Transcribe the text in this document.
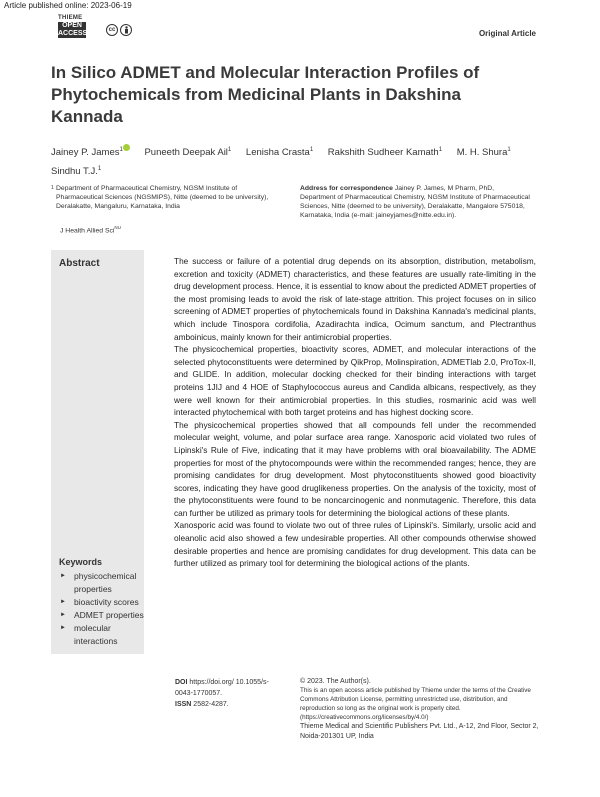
Article published online: 2023-06-19
THIEME
OPEN
ACCESS	cc	Original Article
In Silico ADMET and Molecular Interaction Profiles of Phytochemicals from Medicinal Plants in Dakshina Kannada
Jainey P. James$^1$ Puneeth Deepak Ail$^1$ Lenisha Crasta$^1$ Rakshith Sudheer Kamath$^1$ M. H. Shura$^1$
Sindhu T.J.$^1$
1 Department of Pharmaceutical Chemistry, NGSM Institute of Pharmaceutical Sciences (NGSMIPS), Nitte (deemed to be university), Deralakatte, Mangaluru, Karnataka, India
J Health Allied Sci$^{NU}$
Address for correspondence Jainey P. James, M Pharm, PhD, Department of Pharmaceutical Chemistry, NGSM Institute of Pharmaceutical Sciences, Nitte (deemed to be university), Deralakatte, Mangalore 575018, Karnataka, India (e-mail: jaineyjames@nitte.edu.in).
Abstract
Keywords
► physicochemical properties
► bioactivity scores
► ADMET properties
► molecular interactions

The success or failure of a potential drug depends on its absorption, distribution, metabolism, excretion and toxicity (ADMET) characteristics, and these features are usually rate-limiting in the drug development process. Hence, it is essential to know about the predicted ADMET properties of the most promising leads to avoid the risk of late-stage attrition. This project focuses on in silico screening of ADMET properties of phytochemicals found in Dakshina Kannada's medicinal plants, which include Tinospora cordifolia, Azadirachta indica, Ocimum sanctum, and Plectranthus amboinicus, mainly known for their antimicrobial properties.

The physicochemical properties, bioactivity scores, ADMET, and molecular interactions of the selected phytoconstituents were determined by QikProp, Molinspiration, ADMETlab 2.0, ProTox-II, and GLIDE. In addition, molecular docking checked for their binding interactions with target proteins 1JIJ and 4 HOE of Staphylococcus aureus and Candida albicans, respectively, as they were well known for their antimicrobial properties. In this studies, rosmarinic acid was well interacted phytochemical with both target proteins and has highest docking score.

The physicochemical properties showed that all compounds fell under the recommended molecular weight, volume, and polar surface area range. Xanosporic acid violated two rules of Lipinski's Rule of Five, indicating that it may have problems with oral bioavailability. The ADME properties for most of the phytocompounds were within the recommended ranges; hence, they are promising candidates for drug development. Most phytoconstituents showed good bioactivity scores, indicating they have good druglikeness properties. On the analysis of the toxicity, most of the phytoconstituents were found to be noncarcinogenic and nonmutagenic. Therefore, this data can further be utilized as primary tools for determining the biological actions of these plants.

Xanosporic acid was found to violate two out of three rules of Lipinski's. Similarly, ursolic acid and oleanolic acid also showed a few undesirable properties. All other compounds otherwise showed desirable properties and hence are promising candidates for drug development. This data can be further utilized as primary tool for determining the biological actions of the plants.

DOI https://doi.org/ 10.1055/s-0043-1770057.
ISSN 2582-4287.
© 2023. The Author(s).
This is an open access article published by Thieme under the terms of the Creative Commons Attribution License, permitting unrestricted use, distribution, and reproduction so long as the original work is properly cited. (https://creativecommons.org/licenses/by/4.0/)
Thieme Medical and Scientific Publishers Pvt. Ltd., A-12, 2nd Floor, Sector 2, Noida-201301 UP, India
